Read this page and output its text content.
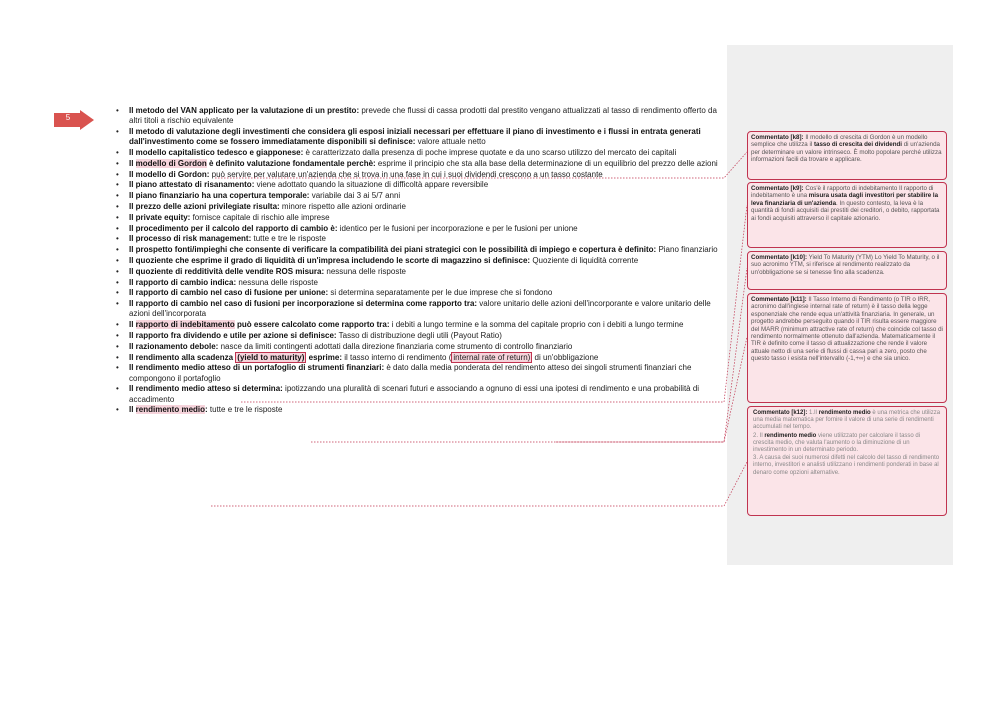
5
• Il metodo del VAN applicato per la valutazione di un prestito: prevede che flussi di cassa prodotti dal prestito vengano attualizzati al tasso di rendimento offerto da altri titoli a rischio equivalente
• Il metodo di valutazione degli investimenti che considera gli esposi iniziali necessari per effettuare il piano di investimento e i flussi in entrata generati dall'investimento come se fossero immediatamente disponibili si definisce: valore attuale netto
• Il modello capitalistico tedesco e giapponese: è caratterizzato dalla presenza di poche imprese quotate e da uno scarso utilizzo del mercato dei capitali
• Il modello di Gordon è definito valutazione fondamentale perchè: esprime il principio che sta alla base della determinazione di un equilibrio del prezzo delle azioni
• Il modello di Gordon: può servire per valutare un'azienda che si trova in una fase in cui i suoi dividendi crescono a un tasso costante
• Il piano attestato di risanamento: viene adottato quando la situazione di difficoltà appare reversibile
• Il piano finanziario ha una copertura temporale: variabile dai 3 ai 5/7 anni
• Il prezzo delle azioni privilegiate risulta: minore rispetto alle azioni ordinarie
• Il private equity: fornisce capitale di rischio alle imprese
• Il procedimento per il calcolo del rapporto di cambio è: identico per le fusioni per incorporazione e per le fusioni per unione
• Il processo di risk management: tutte e tre le risposte
• Il prospetto fonti/impieghi che consente di verificare la compatibilità dei piani strategici con le possibilità di impiego e copertura è definito: Piano finanziario
• Il quoziente che esprime il grado di liquidità di un'impresa includendo le scorte di magazzino si definisce: Quoziente di liquidità corrente
• Il quoziente di redditività delle vendite ROS misura: nessuna delle risposte
• Il rapporto di cambio indica: nessuna delle risposte
• Il rapporto di cambio nel caso di fusione per unione: si determina separatamente per le due imprese che si fondono
• Il rapporto di cambio nel caso di fusioni per incorporazione si determina come rapporto tra: valore unitario delle azioni dell'incorporante e valore unitario delle azioni dell'incorporata
• Il rapporto di indebitamento può essere calcolato come rapporto tra: i debiti a lungo termine e la somma del capitale proprio con i debiti a lungo termine
• Il rapporto fra dividendo e utile per azione si definisce: Tasso di distribuzione degli utili (Payout Ratio)
• Il razionamento debole: nasce da limiti contingenti adottati dalla direzione finanziaria come strumento di controllo finanziario
• Il rendimento alla scadenza (yield to maturity) esprime: il tasso interno di rendimento ( internal rate of return) di un'obbligazione
• Il rendimento medio atteso di un portafoglio di strumenti finanziari: è dato dalla media ponderata del rendimento atteso dei singoli strumenti finanziari che compongono il portafoglio
• Il rendimento medio atteso si determina: ipotizzando una pluralità di scenari futuri e associando a ognuno di essi una ipotesi di rendimento e una probabilità di accadimento
• Il rendimento medio: tutte e tre le risposte
Commentato [k8]: Il modello di crescita di Gordon è un modello semplice che utilizza il tasso di crescita dei dividendi di un'azienda per determinare un valore intrinseco. È molto popolare perché utilizza informazioni facili da trovare e applicare.
Commentato [k9]: Cos'è il rapporto di indebitamento Il rapporto di indebitamento è una misura usata dagli investitori per stabilire la leva finanziaria di un'azienda. In questo contesto, la leva è la quantità di fondi acquisiti dai prestiti dei creditori, o debito, rapportata ai fondi acquisiti attraverso il capitale azionario.
Commentato [k10]: Yield To Maturity (YTM) Lo Yield To Maturity, o il suo acronimo YTM, si riferisce al rendimento realizzato da un'obbligazione se si tenesse fino alla scadenza.
Commentato [k11]: Il Tasso Interno di Rendimento (o TIR o IRR, acronimo dall'inglese internal rate of return) è il tasso della legge esponenziale che rende equa un'attività finanziaria. In generale, un progetto andrebbe perseguito quando il TIR risulta essere maggiore del MARR (minimum attractive rate of return) che coincide col tasso di rendimento normalmente ottenuto dall'azienda. Matematicamente il TIR è definito come il tasso di attualizzazione che rende il valore attuale netto di una serie di flussi di cassa pari a zero, posto che questo tasso i esista nell'intervallo (-1,+∞) e che sia unico.

Commentato [k12]: 1.Il rendimento medio è una metrica che utilizza una media matematica per fornire il valore di una serie di rendimenti accumulati nel tempo.

2. Il rendimento medio viene utilizzato per calcolare il tasso di crescita medio, che valuta l'aumento o la diminuzione di un investimento in un determinato periodo.

3. A causa dei suoi numerosi difetti nel calcolo del tasso di rendimento interno, investitori e analisti utilizzano i rendimenti ponderati in base al denaro come opzioni alternative.
